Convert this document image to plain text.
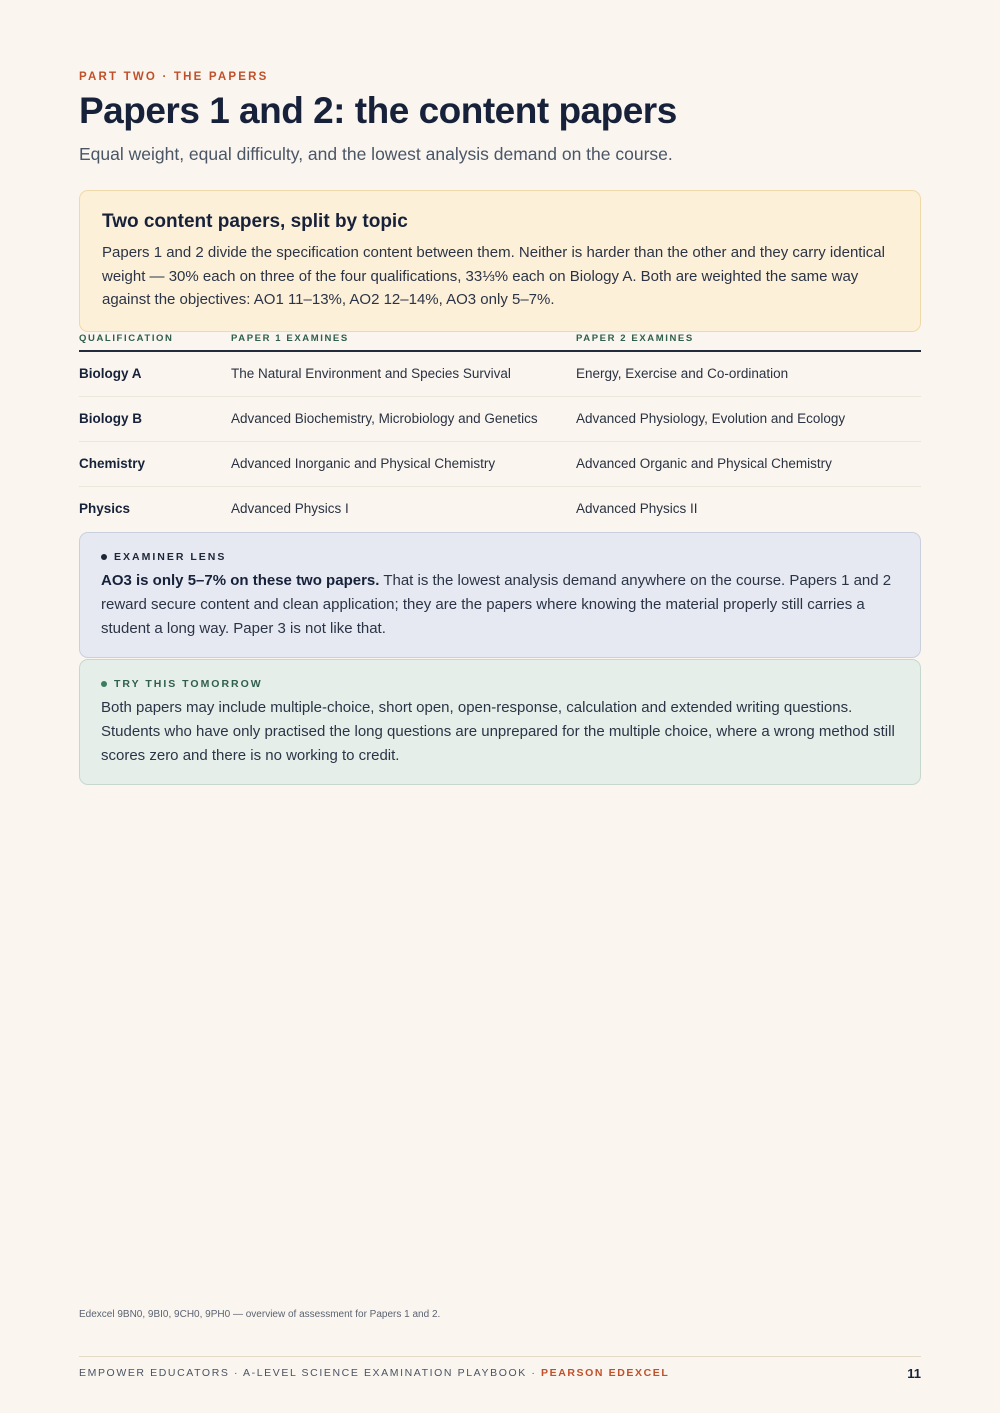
PART TWO · THE PAPERS
Papers 1 and 2: the content papers
Equal weight, equal difficulty, and the lowest analysis demand on the course.
Two content papers, split by topic

Papers 1 and 2 divide the specification content between them. Neither is harder than the other and they carry identical weight — 30% each on three of the four qualifications, 33⅓% each on Biology A. Both are weighted the same way against the objectives: AO1 11–13%, AO2 12–14%, AO3 only 5–7%.

QUALIFICATION	PAPER 1 EXAMINES	PAPER 2 EXAMINES
Biology A	The Natural Environment and Species Survival	Energy, Exercise and Co-ordination
Biology B	Advanced Biochemistry, Microbiology and Genetics	Advanced Physiology, Evolution and Ecology
Chemistry	Advanced Inorganic and Physical Chemistry	Advanced Organic and Physical Chemistry
Physics	Advanced Physics I	Advanced Physics II
EXAMINER LENS

AO3 is only 5–7% on these two papers. That is the lowest analysis demand anywhere on the course. Papers 1 and 2 reward secure content and clean application; they are the papers where knowing the material properly still carries a student a long way. Paper 3 is not like that.

TRY THIS TOMORROW

Both papers may include multiple-choice, short open, open-response, calculation and extended writing questions. Students who have only practised the long questions are unprepared for the multiple choice, where a wrong method still scores zero and there is no working to credit.

Edexcel 9BN0, 9BI0, 9CH0, 9PH0 — overview of assessment for Papers 1 and 2.
EMPOWER EDUCATORS · A-LEVEL SCIENCE EXAMINATION PLAYBOOK · PEARSON EDEXCEL	11
